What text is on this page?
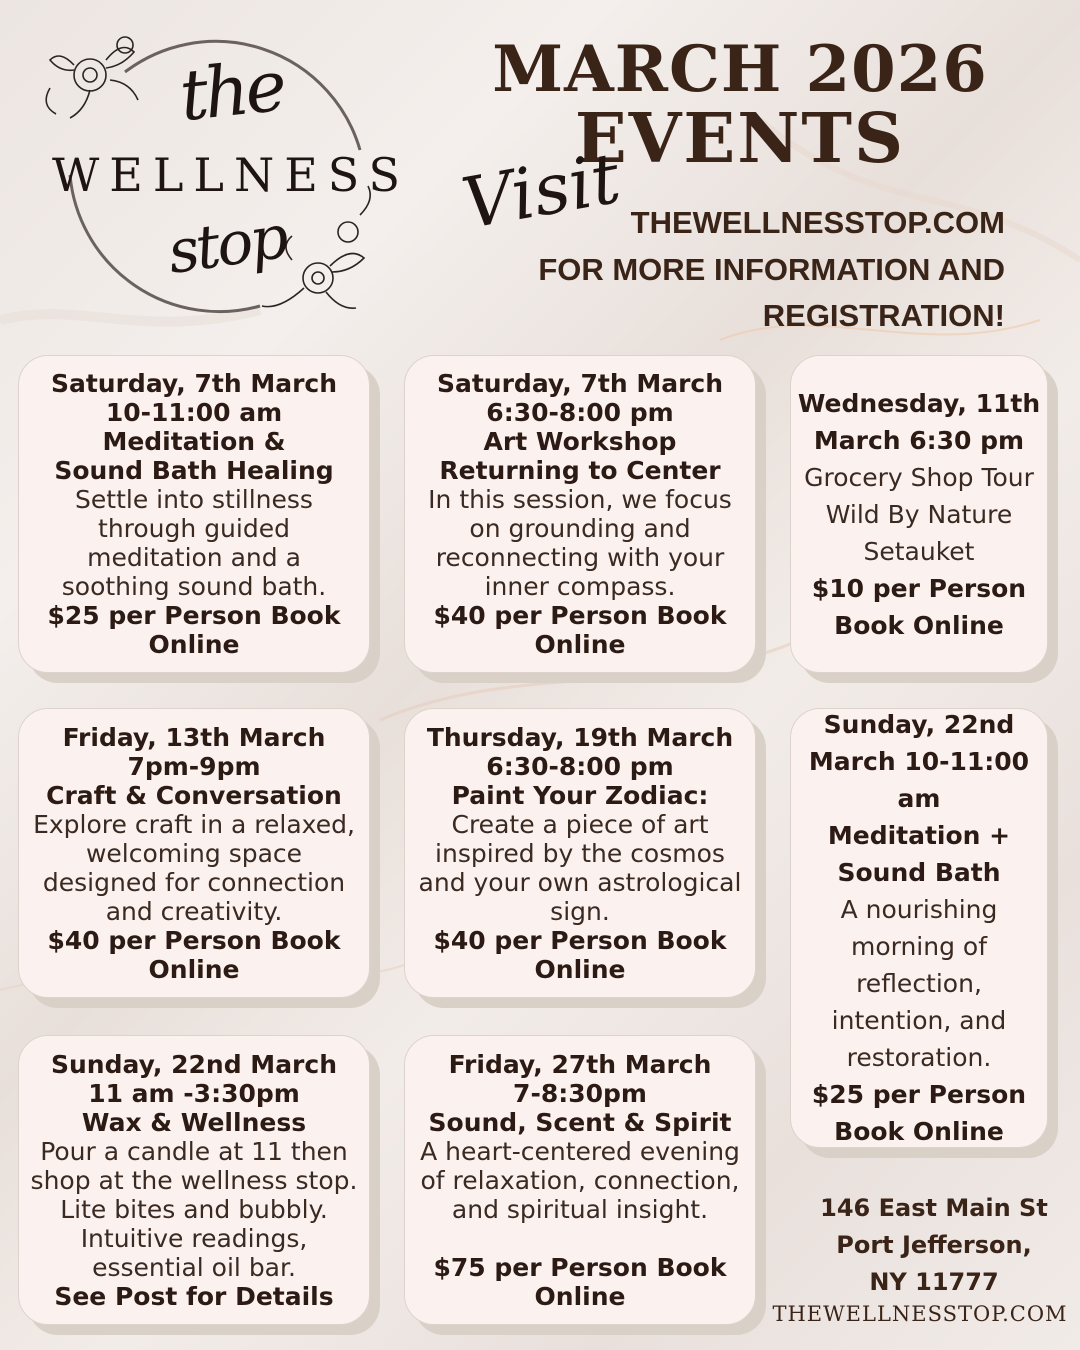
the
WELLNESS
stop
MARCH 2026
EVENTS
Visit THEWELLNESSTOP.COM
FOR MORE INFORMATION AND
REGISTRATION!
Saturday, 7th March
10-11:00 am
Meditation &
Sound Bath Healing
Settle into stillness
through guided
meditation and a
soothing sound bath.
$25 per Person Book
Online
Saturday, 7th March
6:30-8:00 pm
Art Workshop
Returning to Center
In this session, we focus
on grounding and
reconnecting with your
inner compass.
$40 per Person Book
Online
Wednesday, 11th
March 6:30 pm
Grocery Shop Tour
Wild By Nature
Setauket
$10 per Person
Book Online
Friday, 13th March
7pm-9pm
Craft & Conversation
Explore craft in a relaxed,
welcoming space
designed for connection
and creativity.
$40 per Person Book
Online
Thursday, 19th March
6:30-8:00 pm
Paint Your Zodiac:
Create a piece of art
inspired by the cosmos
and your own astrological
sign.
$40 per Person Book
Online
Sunday, 22nd
March 10-11:00 am
Meditation +
Sound Bath
A nourishing
morning of
reflection,
intention, and
restoration.
$25 per Person
Book Online
Sunday, 22nd March
11 am -3:30pm
Wax & Wellness
Pour a candle at 11 then
shop at the wellness stop.
Lite bites and bubbly.
Intuitive readings,
essential oil bar.
See Post for Details
Friday, 27th March
7-8:30pm
Sound, Scent & Spirit
A heart-centered evening
of relaxation, connection,
and spiritual insight.
$75 per Person Book
Online
146 East Main St
Port Jefferson,
NY 11777
THEWELLNESSTOP.COM
